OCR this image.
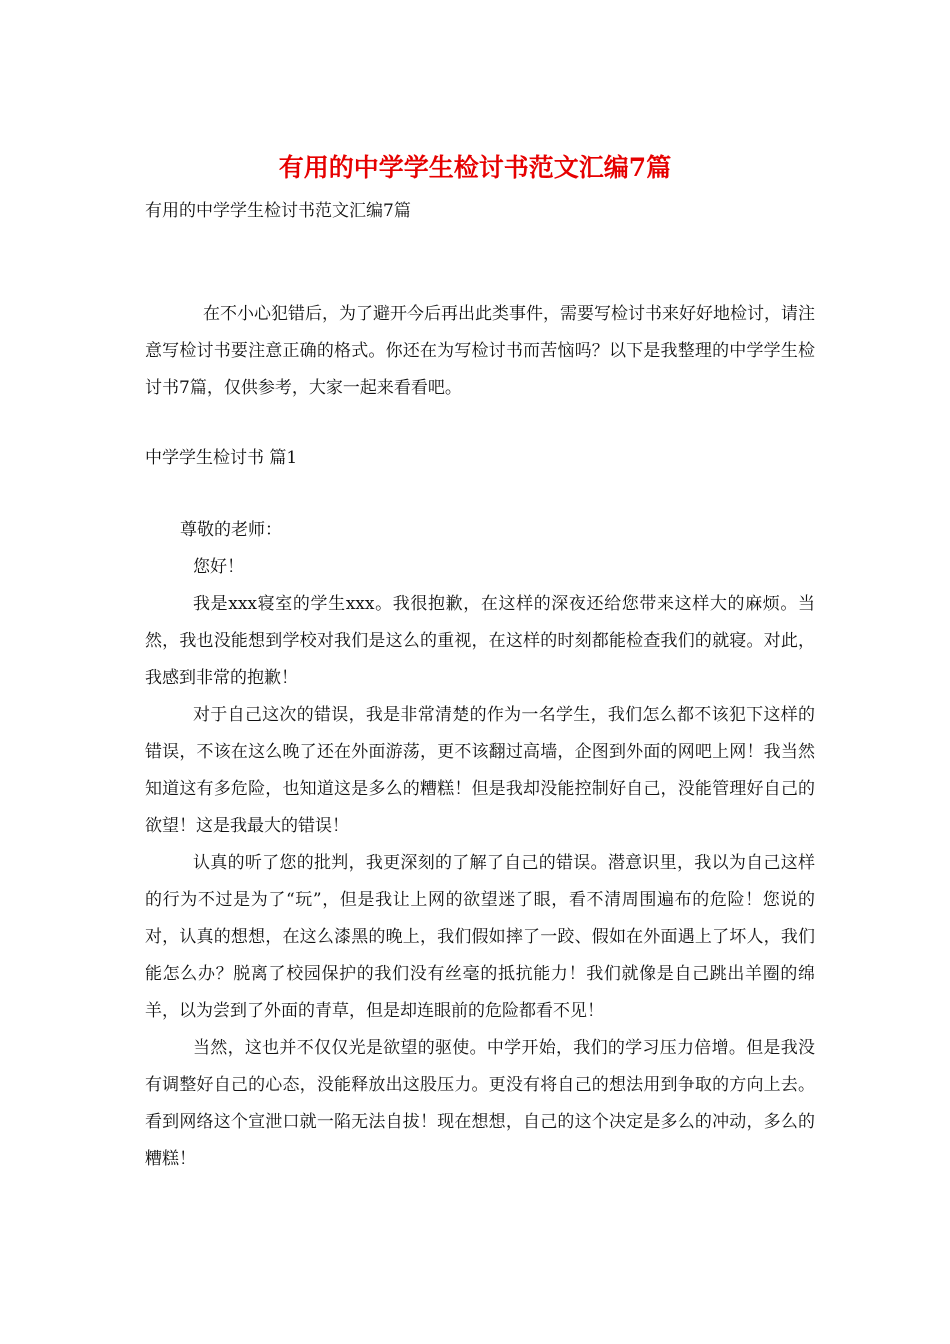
有用的中学学生检讨书范文汇编7篇

有用的中学学生检讨书范文汇编7篇

在不小心犯错后，为了避开今后再出此类事件，需要写检讨书来好好地检讨，请注意写检讨书要注意正确的格式。你还在为写检讨书而苦恼吗？以下是我整理的中学学生检讨书7篇，仅供参考，大家一起来看看吧。

中学学生检讨书 篇1

尊敬的老师：

您好！

我是xxx寝室的学生xxx。我很抱歉，在这样的深夜还给您带来这样大的麻烦。当然，我也没能想到学校对我们是这么的重视，在这样的时刻都能检查我们的就寝。对此，我感到非常的抱歉！

对于自己这次的错误，我是非常清楚的作为一名学生，我们怎么都不该犯下这样的错误，不该在这么晚了还在外面游荡，更不该翻过高墙，企图到外面的网吧上网！我当然知道这有多危险，也知道这是多么的糟糕！但是我却没能控制好自己，没能管理好自己的欲望！这是我最大的错误！

认真的听了您的批判，我更深刻的了解了自己的错误。潜意识里，我以为自己这样的行为不过是为了“玩”，但是我让上网的欲望迷了眼，看不清周围遍布的危险！您说的对，认真的想想，在这么漆黑的晚上，我们假如摔了一跤、假如在外面遇上了坏人，我们能怎么办？脱离了校园保护的我们没有丝毫的抵抗能力！我们就像是自己跳出羊圈的绵羊，以为尝到了外面的青草，但是却连眼前的危险都看不见！

当然，这也并不仅仅光是欲望的驱使。中学开始，我们的学习压力倍增。但是我没有调整好自己的心态，没能释放出这股压力。更没有将自己的想法用到争取的方向上去。看到网络这个宣泄口就一陷无法自拔！现在想想，自己的这个决定是多么的冲动，多么的糟糕！
